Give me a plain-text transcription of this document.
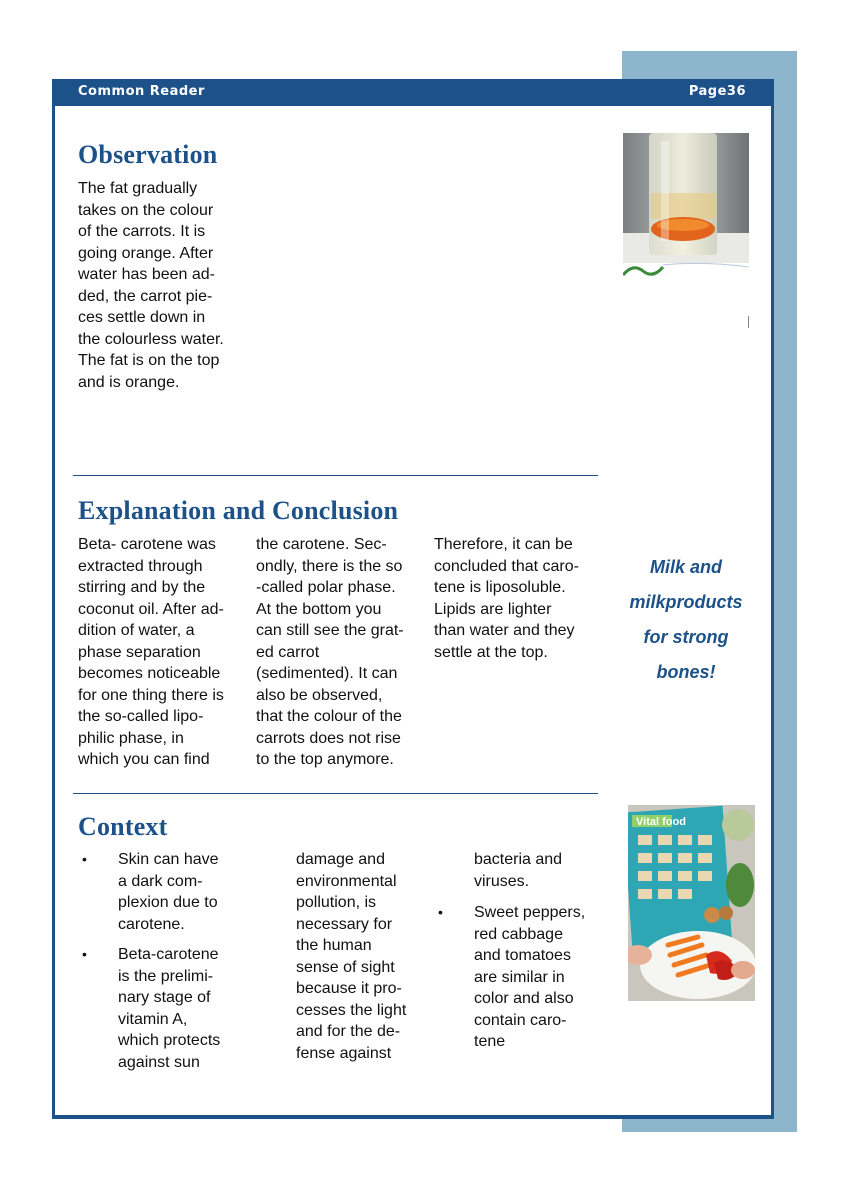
Common Reader	Page36
Observation

The fat gradually
takes on the colour
of the carrots. It is
going orange. After
water has been ad-
ded, the carrot pie-
ces settle down in
the colourless water.
The fat is on the top
and is orange.

Explanation and Conclusion

Beta- carotene was
extracted through
stirring and by the
coconut oil. After ad-
dition of water, a
phase separation
becomes noticeable
for one thing there is
the so-called lipo-
philic phase, in
which you can find

the carotene. Sec-
ondly, there is the so
-called polar phase.
At the bottom you
can still see the grat-
ed carrot
(sedimented). It can
also be observed,
that the colour of the
carrots does not rise
to the top anymore.

Therefore, it can be
concluded that caro-
tene is liposoluble.
Lipids are lighter
than water and they
settle at the top.

Milk and
milkproducts
for strong
bones!

Context
• Skin can have
a dark com-
plexion due to
carotene.
• Beta-carotene
is the prelimi-
nary stage of
vitamin A,
which protects
against sun

damage and
environmental
pollution, is
necessary for
the human
sense of sight
because it pro-
cesses the light
and for the de-
fense against

bacteria and
viruses.

• Sweet peppers,
red cabbage
and tomatoes
are similar in
color and also
contain caro-
tene
Vital food
